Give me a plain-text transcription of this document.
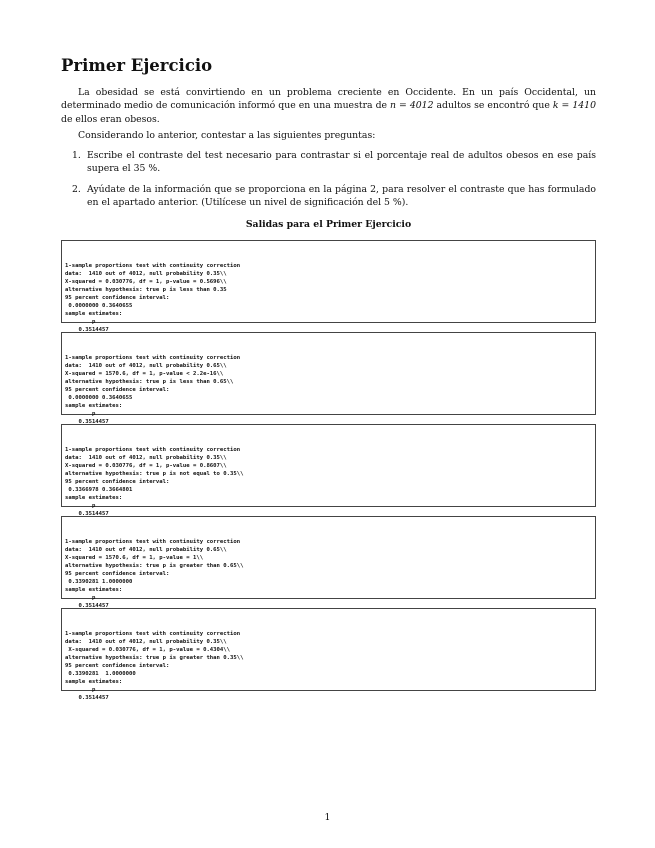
Primer Ejercicio

La obesidad se está convirtiendo en un problema creciente en Occidente. En un país Occidental, un determinado medio de comunicación informó que en una muestra de n = 4012 adultos se encontró que k = 1410 de ellos eran obesos.

Considerando lo anterior, contestar a las siguientes preguntas:

1. Escribe el contraste del test necesario para contrastar si el porcentaje real de adultos obesos en ese país supera el 35 %.
2. Ayúdate de la información que se proporciona en la página 2, para resolver el contraste que has formulado en el apartado anterior. (Utilícese un nivel de significación del 5 %).
Salidas para el Primer Ejercicio

1-sample proportions test with continuity correction
data:  1410 out of 4012, null probability 0.35\\
X-squared = 0.030776, df = 1, p-value = 0.5696\\
alternative hypothesis: true p is less than 0.35
95 percent confidence interval:
0.0000000 0.3640655
sample estimates:
p
0.3514457

1-sample proportions test with continuity correction
data:  1410 out of 4012, null probability 0.65\\
X-squared = 1570.6, df = 1, p-value < 2.2e-16\\
alternative hypothesis: true p is less than 0.65\\
95 percent confidence interval:
0.0000000 0.3640655
sample estimates:
p
0.3514457

1-sample proportions test with continuity correction
data:  1410 out of 4012, null probability 0.35\\
X-squared = 0.030776, df = 1, p-value = 0.8607\\
alternative hypothesis: true p is not equal to 0.35\\
95 percent confidence interval:
0.3366978 0.3664801
sample estimates:
p
0.3514457

1-sample proportions test with continuity correction
data:  1410 out of 4012, null probability 0.65\\
X-squared = 1570.6, df = 1, p-value = 1\\
alternative hypothesis: true p is greater than 0.65\\
95 percent confidence interval:
0.3390281 1.0000000
sample estimates:
p
0.3514457

1-sample proportions test with continuity correction
data:  1410 out of 4012, null probability 0.35\\
X-squared = 0.030776, df = 1, p-value = 0.4304\\
alternative hypothesis: true p is greater than 0.35\\
95 percent confidence interval:
0.3390281  1.0000000
sample estimates:
p
0.3514457

1
